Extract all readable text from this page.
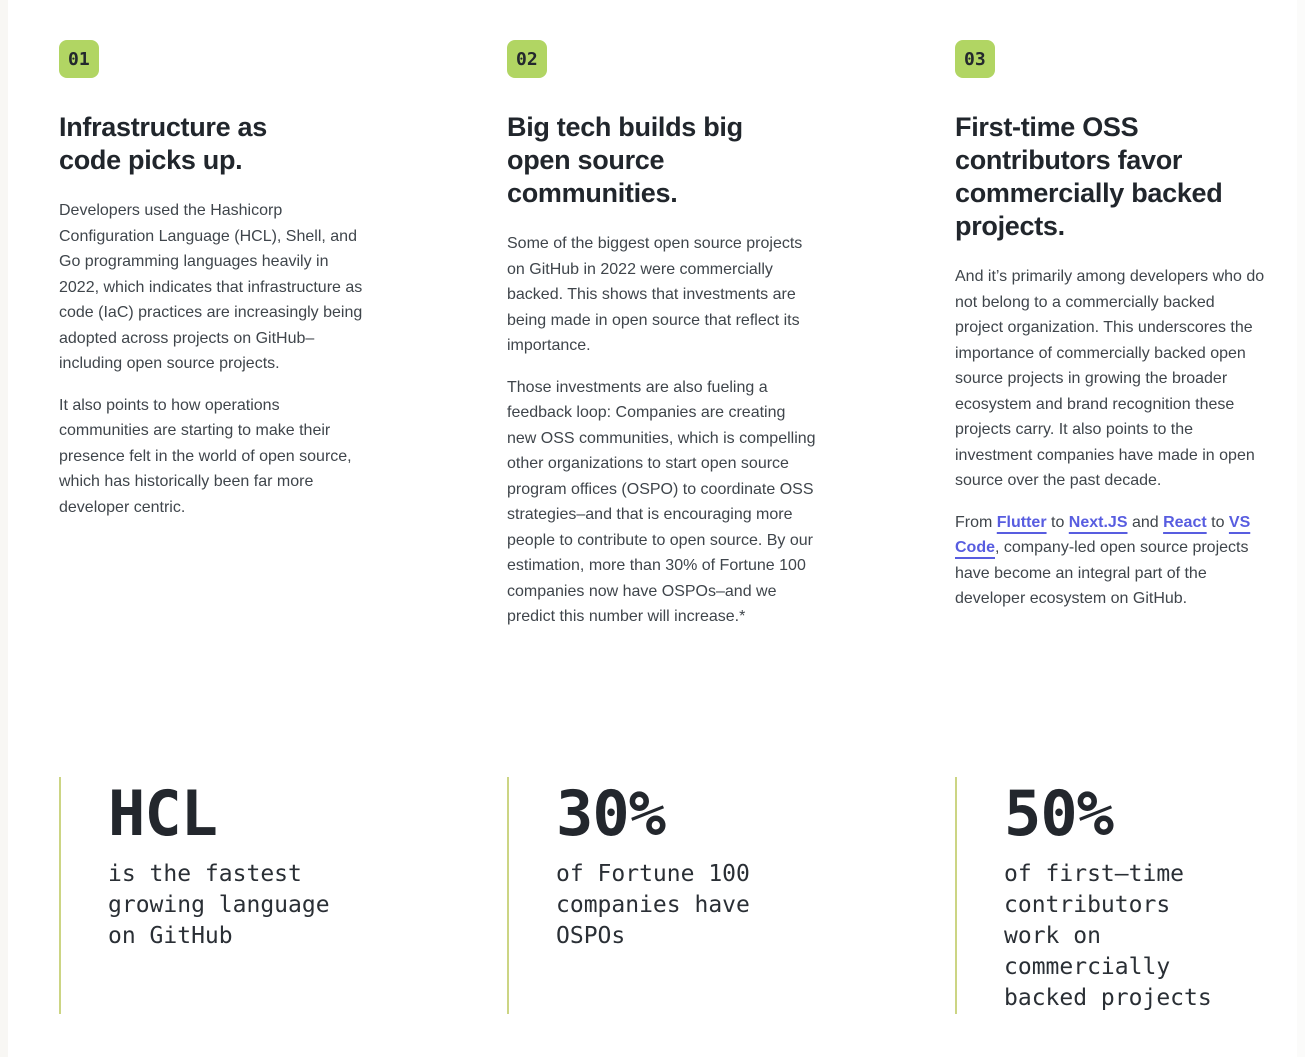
01
Infrastructure as code picks up.

Developers used the Hashicorp Configuration Language (HCL), Shell, and Go programming languages heavily in 2022, which indicates that infrastructure as code (IaC) practices are increasingly being adopted across projects on GitHub–including open source projects.

It also points to how operations communities are starting to make their presence felt in the world of open source, which has historically been far more developer centric.

02
Big tech builds big open source communities.

Some of the biggest open source projects on GitHub in 2022 were commercially backed. This shows that investments are being made in open source that reflect its importance.

Those investments are also fueling a feedback loop: Companies are creating new OSS communities, which is compelling other organizations to start open source program offices (OSPO) to coordinate OSS strategies–and that is encouraging more people to contribute to open source. By our estimation, more than 30% of Fortune 100 companies now have OSPOs–and we predict this number will increase.*

03
First-time OSS contributors favor commercially backed projects.

And it’s primarily among developers who do not belong to a commercially backed project organization. This underscores the importance of commercially backed open source projects in growing the broader ecosystem and brand recognition these projects carry. It also points to the investment companies have made in open source over the past decade.

From Flutter to Next.JS and React to VS Code, company-led open source projects have become an integral part of the developer ecosystem on GitHub.

HCL
is the fastest growing language on GitHub
30%
of Fortune 100 companies have OSPOs
50%
of first–time contributors work on commercially backed projects
